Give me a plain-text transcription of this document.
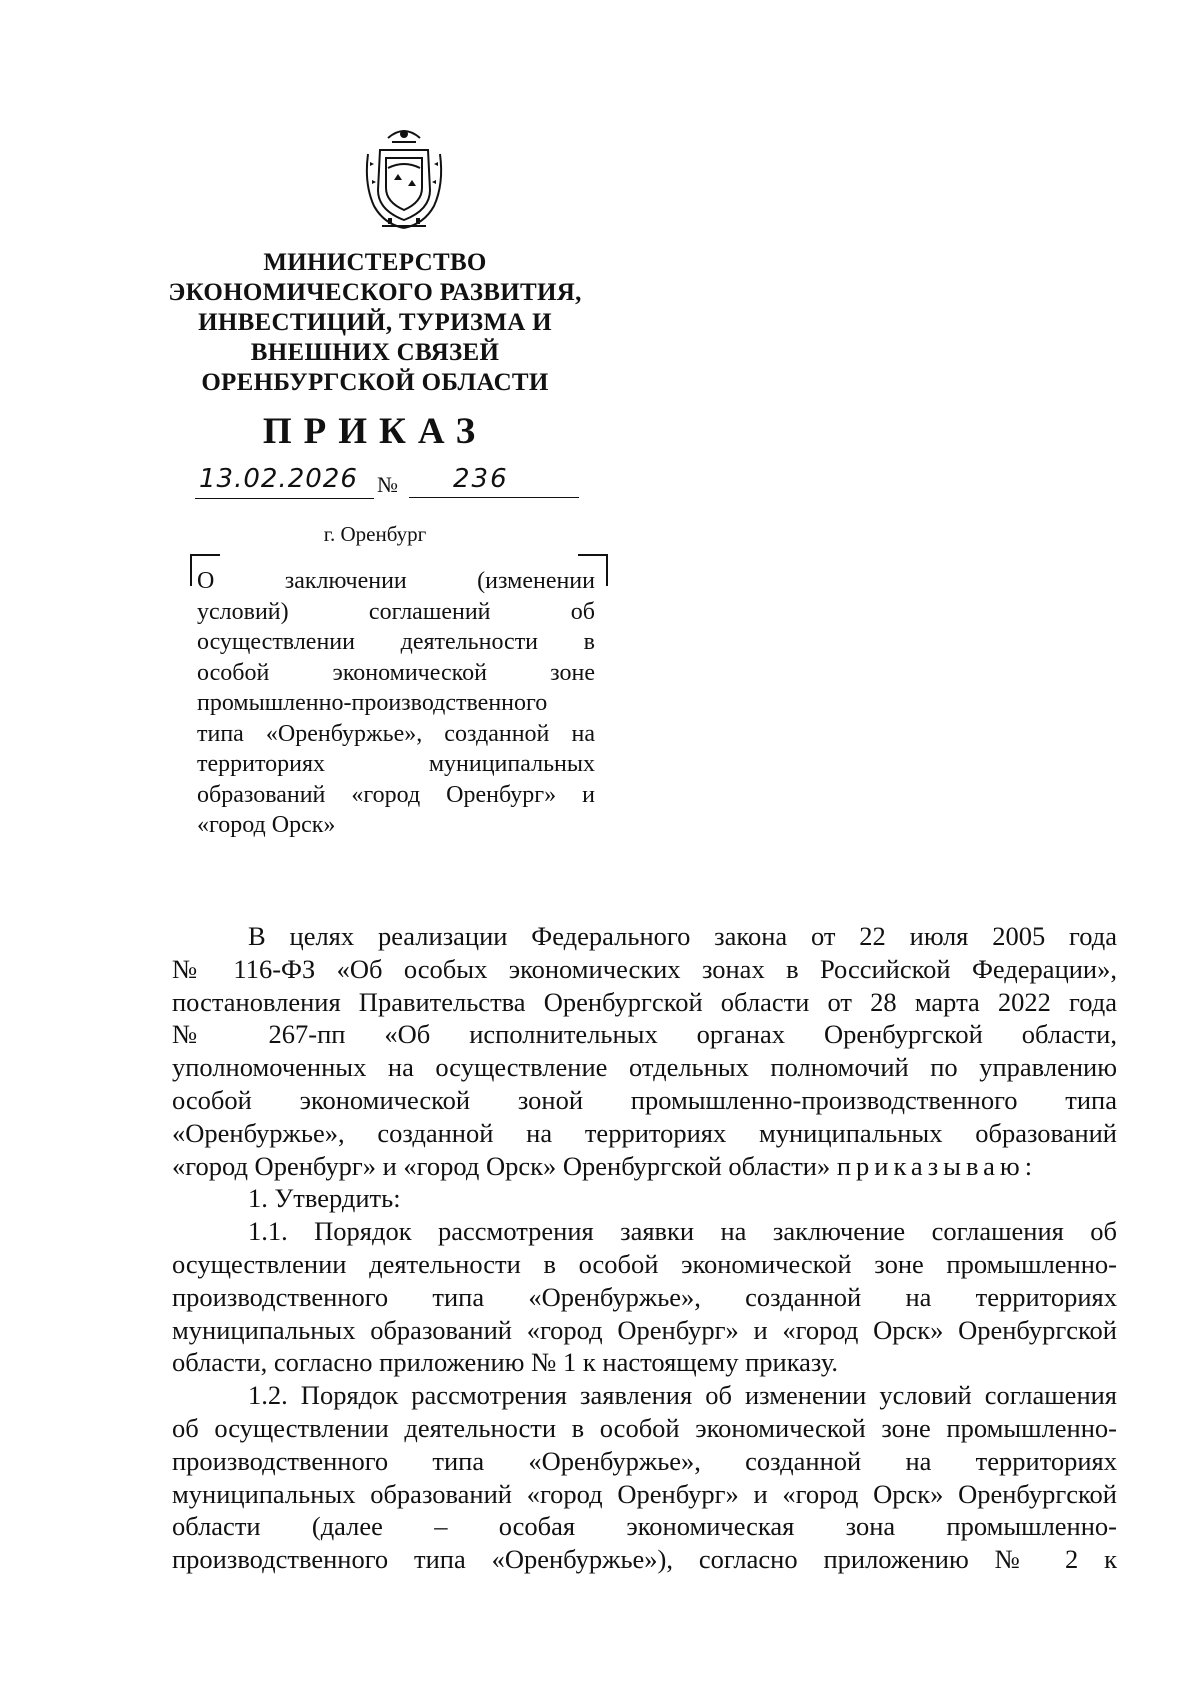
МИНИСТЕРСТВО
ЭКОНОМИЧЕСКОГО РАЗВИТИЯ,
ИНВЕСТИЦИЙ, ТУРИЗМА И
ВНЕШНИХ СВЯЗЕЙ
ОРЕНБУРГСКОЙ ОБЛАСТИ
ПРИКАЗ
13.02.2026 №	236
г. Оренбург
О заключении (изменении
условий) соглашений об
осуществлении деятельности в
особой экономической зоне
промышленно-производственного
типа «Оренбуржье», созданной на
территориях муниципальных
образований «город Оренбург» и
«город Орск»
В целях реализации Федерального закона от 22 июля 2005 года
№ 116-ФЗ «Об особых экономических зонах в Российской Федерации»,
постановления Правительства Оренбургской области от 28 марта 2022 года
№ 267-пп «Об исполнительных органах Оренбургской области,
уполномоченных на осуществление отдельных полномочий по управлению
особой экономической зоной промышленно-производственного типа
«Оренбуржье», созданной на территориях муниципальных образований
«город Оренбург» и «город Орск» Оренбургской области» приказываю:
1. Утвердить:
1.1. Порядок рассмотрения заявки на заключение соглашения об
осуществлении деятельности в особой экономической зоне промышленно-
производственного типа «Оренбуржье», созданной на территориях
муниципальных образований «город Оренбург» и «город Орск» Оренбургской
области, согласно приложению № 1 к настоящему приказу.
1.2. Порядок рассмотрения заявления об изменении условий соглашения
об осуществлении деятельности в особой экономической зоне промышленно-
производственного типа «Оренбуржье», созданной на территориях
муниципальных образований «город Оренбург» и «город Орск» Оренбургской
области (далее – особая экономическая зона промышленно-
производственного типа «Оренбуржье»), согласно приложению № 2 к
